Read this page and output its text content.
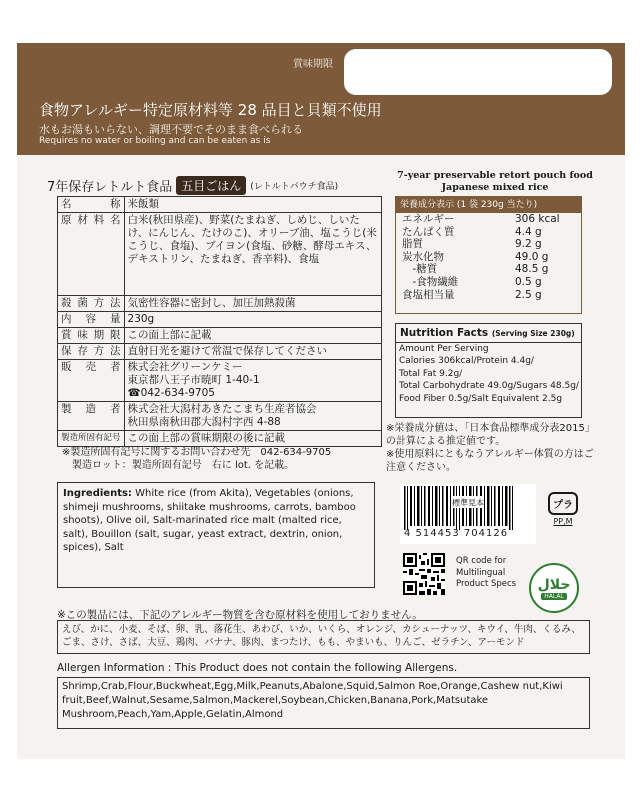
賞味期限
食物アレルギー特定原材料等 28 品目と貝類不使用
水もお湯もいらない、調理不要でそのまま食べられる
Requires no water or boiling and can be eaten as is
7年保存レトルト食品 五目ごはん	(レトルトパウチ食品)
7-year preservable retort pouch food
Japanese mixed rice
名　　称	米飯類
原材料名	白米(秋田県産)、野菜(たまねぎ、しめじ、しいたけ、にんじん、たけのこ)、オリーブ油、塩こうじ(米こうじ、食塩)、ブイヨン(食塩、砂糖、酵母エキス、デキストリン、たまねぎ、香辛料)、食塩
殺菌方法	気密性容器に密封し、加圧加熱殺菌
内 容 量	230g
賞味期限	この面上部に記載
保存方法	直射日光を避けて常温で保存してください
販 売 者	株式会社グリーンケミー
東京都八王子市暁町 1-40-1
☎042-634-9705

製 造 者	株式会社大潟村あきたこまち生産者協会
秋田県南秋田郡大潟村字西 4-88

製造所固有記号	この面上部の賞味期限の後に記載
※製造所固有記号に関するお問い合わせ先　042-634-9705
　製造ロット：製造所固有記号　右に lot. を記載。
Ingredients: White rice (from Akita), Vegetables (onions, shimeji mushrooms, shiitake mushrooms, carrots, bamboo shoots), Olive oil, Salt-marinated rice malt (malted rice, salt), Bouillon (salt, sugar, yeast extract, dextrin, onion, spices), Salt
栄養成分表示 (1 袋 230g 当たり)
エネルギー	306 kcal
たんぱく質	4.4 g
脂質	9.2 g
炭水化物	49.0 g
　-糖質	48.5 g
　-食物繊維	0.5 g
食塩相当量	2.5 g
Nutrition Facts (Serving Size 230g)
Amount Per Serving
Calories 306kcal/Protein 4.4g/
Total Fat 9.2g/
Total Carbohydrate 49.0g/Sugars 48.5g/
Food Fiber 0.5g/Salt Equivalent 2.5g
※栄養成分値は、「日本食品標準成分表2015」の計算による推定値です。
※使用原料にともなうアレルギー体質の方はご注意ください。
標準見本
4 514453 704126
プラ
PP,M
QR code for
Multilingual
Product Specs حلال
HALAL
※この製品には、下記のアレルギー物質を含む原材料を使用しておりません。
えび、かに、小麦、そば、卵、乳、落花生、あわび、いか、いくら、オレンジ、カシューナッツ、キウイ、牛肉、くるみ、ごま、さけ、さば、大豆、鶏肉、バナナ、豚肉、まつたけ、もも、やまいも、りんご、ゼラチン、アーモンド
Allergen Information : This Product does not contain the following Allergens.
Shrimp,Crab,Flour,Buckwheat,Egg,Milk,Peanuts,Abalone,Squid,Salmon Roe,Orange,Cashew nut,Kiwi fruit,Beef,Walnut,Sesame,Salmon,Mackerel,Soybean,Chicken,Banana,Pork,Matsutake Mushroom,Peach,Yam,Apple,Gelatin,Almond
